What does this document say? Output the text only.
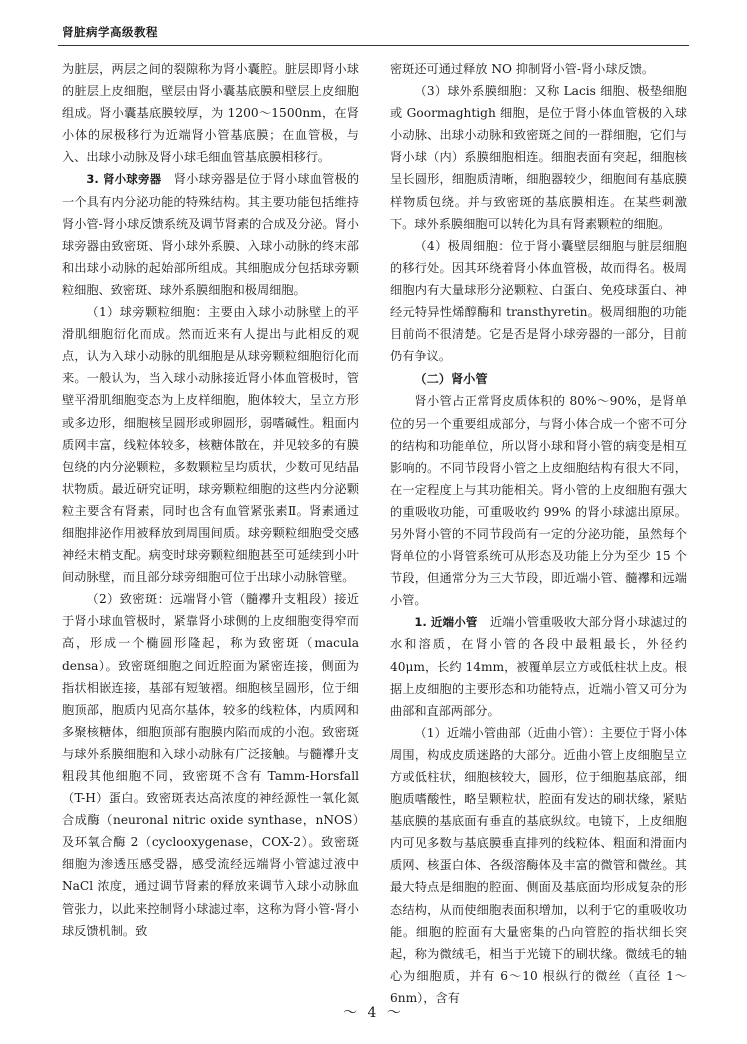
肾脏病学高级教程

为脏层，两层之间的裂隙称为肾小囊腔。脏层即肾小球的脏层上皮细胞，壁层由肾小囊基底膜和壁层上皮细胞组成。肾小囊基底膜较厚，为 1200～1500nm，在肾小体的尿极移行为近端肾小管基底膜；在血管极，与入、出球小动脉及肾小球毛细血管基底膜相移行。

3. 肾小球旁器　 肾小球旁器是位于肾小球血管极的一个具有内分泌功能的特殊结构。其主要功能包括维持肾小管-肾小球反馈系统及调节肾素的合成及分泌。肾小球旁器由致密斑、肾小球外系膜、入球小动脉的终末部和出球小动脉的起始部所组成。其细胞成分包括球旁颗粒细胞、致密斑、球外系膜细胞和极周细胞。

（1）球旁颗粒细胞：主要由入球小动脉壁上的平滑肌细胞衍化而成。然而近来有人提出与此相反的观点，认为入球小动脉的肌细胞是从球旁颗粒细胞衍化而来。一般认为，当入球小动脉接近肾小体血管极时，管壁平滑肌细胞变态为上皮样细胞，胞体较大，呈立方形或多边形，细胞核呈圆形或卵圆形，弱嗜碱性。粗面内质网丰富，线粒体较多，核糖体散在，并见较多的有膜包绕的内分泌颗粒，多数颗粒呈均质状，少数可见结晶状物质。最近研究证明，球旁颗粒细胞的这些内分泌颗粒主要含有肾素，同时也含有血管紧张素Ⅱ。肾素通过细胞排泌作用被释放到周围间质。球旁颗粒细胞受交感神经末梢支配。病变时球旁颗粒细胞甚至可延续到小叶间动脉壁，而且部分球旁细胞可位于出球小动脉管壁。

（2）致密斑：远端肾小管（髓襻升支粗段）接近于肾小球血管极时，紧靠肾小球侧的上皮细胞变得窄而高，形成一个椭圆形隆起，称为致密斑（macula densa）。致密斑细胞之间近腔面为紧密连接，侧面为指状相嵌连接，基部有短皱褶。细胞核呈圆形，位于细胞顶部，胞质内见高尔基体，较多的线粒体，内质网和多聚核糖体，细胞顶部有胞膜内陷而成的小泡。致密斑与球外系膜细胞和入球小动脉有广泛接触。与髓襻升支粗段其他细胞不同，致密斑不含有 Tamm-Horsfall（T-H）蛋白。致密斑表达高浓度的神经源性一氧化氮合成酶（neuronal nitric oxide synthase，nNOS）及环氧合酶 2（cyclooxygenase，COX-2）。致密斑细胞为渗透压感受器，感受流经远端肾小管滤过液中 NaCl 浓度，通过调节肾素的释放来调节入球小动脉血管张力，以此来控制肾小球滤过率，这称为肾小管-肾小球反馈机制。致

密斑还可通过释放 NO 抑制肾小管-肾小球反馈。

（3）球外系膜细胞：又称 Lacis 细胞、极垫细胞或 Goormaghtigh 细胞，是位于肾小体血管极的入球小动脉、出球小动脉和致密斑之间的一群细胞，它们与肾小球（内）系膜细胞相连。细胞表面有突起，细胞核呈长圆形，细胞质清晰，细胞器较少，细胞间有基底膜样物质包绕。并与致密斑的基底膜相连。在某些刺激下。球外系膜细胞可以转化为具有肾素颗粒的细胞。

（4）极周细胞：位于肾小囊壁层细胞与脏层细胞的移行处。因其环绕着肾小体血管极，故而得名。极周细胞内有大量球形分泌颗粒、白蛋白、免疫球蛋白、神经元特异性烯醇酶和 transthyretin。极周细胞的功能目前尚不很清楚。它是否是肾小球旁器的一部分，目前仍有争议。

（二）肾小管

肾小管占正常肾皮质体积的 80%～90%，是肾单位的另一个重要组成部分，与肾小体合成一个密不可分的结构和功能单位，所以肾小球和肾小管的病变是相互影响的。不同节段肾小管之上皮细胞结构有很大不同，在一定程度上与其功能相关。肾小管的上皮细胞有强大的重吸收功能，可重吸收约 99% 的肾小球滤出原尿。另外肾小管的不同节段尚有一定的分泌功能，虽然每个肾单位的小肾管系统可从形态及功能上分为至少 15 个节段，但通常分为三大节段，即近端小管、髓襻和远端小管。

1. 近端小管　 近端小管重吸收大部分肾小球滤过的水和溶质，在肾小管的各段中最粗最长，外径约 40μm，长约 14mm，被覆单层立方或低柱状上皮。根据上皮细胞的主要形态和功能特点，近端小管又可分为曲部和直部两部分。

（1）近端小管曲部（近曲小管）：主要位于肾小体周围，构成皮质迷路的大部分。近曲小管上皮细胞呈立方或低柱状，细胞核较大，圆形，位于细胞基底部，细胞质嗜酸性，略呈颗粒状，腔面有发达的刷状缘，紧贴基底膜的基底面有垂直的基底纵纹。电镜下，上皮细胞内可见多数与基底膜垂直排列的线粒体、粗面和滑面内质网、核蛋白体、各级溶酶体及丰富的微管和微丝。其最大特点是细胞的腔面、侧面及基底面均形成复杂的形态结构，从而使细胞表面积增加，以利于它的重吸收功能。细胞的腔面有大量密集的凸向管腔的指状细长突起，称为微绒毛，相当于光镜下的刷状缘。微绒毛的轴心为细胞质，并有 6～10 根纵行的微丝（直径 1～6nm），含有

～ 4 ～
